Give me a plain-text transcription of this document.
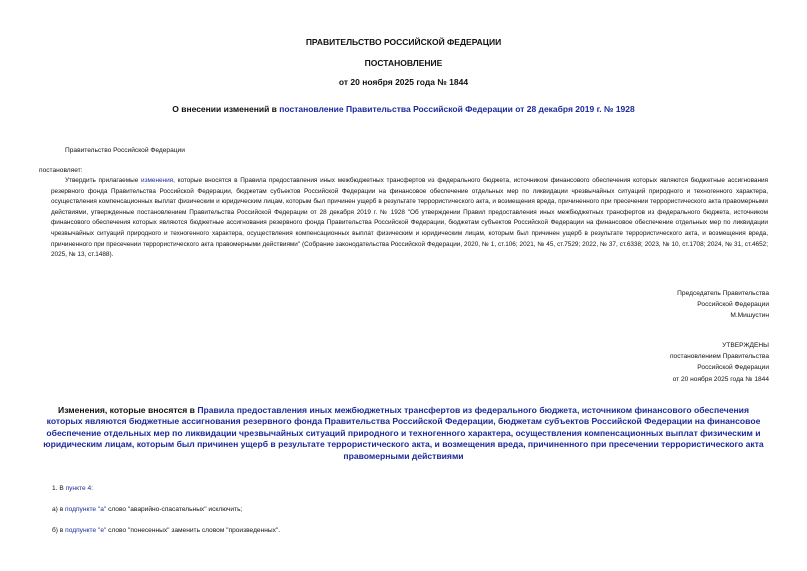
ПРАВИТЕЛЬСТВО РОССИЙСКОЙ ФЕДЕРАЦИИ
ПОСТАНОВЛЕНИЕ
от 20 ноября 2025 года № 1844
О внесении изменений в постановление Правительства Российской Федерации от 28 декабря 2019 г. № 1928
Правительство Российской Федерации
постановляет:
Утвердить прилагаемые изменения, которые вносятся в Правила предоставления иных межбюджетных трансфертов из федерального бюджета, источником финансового обеспечения которых являются бюджетные ассигнования резервного фонда Правительства Российской Федерации, бюджетам субъектов Российской Федерации на финансовое обеспечение отдельных мер по ликвидации чрезвычайных ситуаций природного и техногенного характера, осуществления компенсационных выплат физическим и юридическим лицам, которым был причинен ущерб в результате террористического акта, и возмещения вреда, причиненного при пресечении террористического акта правомерными действиями, утвержденные постановлением Правительства Российской Федерации от 28 декабря 2019 г. № 1928 "Об утверждении Правил предоставления иных межбюджетных трансфертов из федерального бюджета, источником финансового обеспечения которых являются бюджетные ассигнования резервного фонда Правительства Российской Федерации, бюджетам субъектов Российской Федерации на финансовое обеспечение отдельных мер по ликвидации чрезвычайных ситуаций природного и техногенного характера, осуществления компенсационных выплат физическим и юридическим лицам, которым был причинен ущерб в результате террористического акта, и возмещения вреда, причиненного при пресечении террористического акта правомерными действиями" (Собрание законодательства Российской Федерации, 2020, № 1, ст.106; 2021, № 45, ст.7529; 2022, № 37, ст.6338; 2023, № 10, ст.1708; 2024, № 31, ст.4652; 2025, № 13, ст.1488).
Председатель Правительства
Российской Федерации
М.Мишустин
УТВЕРЖДЕНЫ
постановлением Правительства
Российской Федерации
от 20 ноября 2025 года № 1844
Изменения, которые вносятся в Правила предоставления иных межбюджетных трансфертов из федерального бюджета, источником финансового обеспечения которых являются бюджетные ассигнования резервного фонда Правительства Российской Федерации, бюджетам субъектов Российской Федерации на финансовое обеспечение отдельных мер по ликвидации чрезвычайных ситуаций природного и техногенного характера, осуществления компенсационных выплат физическим и юридическим лицам, которым был причинен ущерб в результате террористического акта, и возмещения вреда, причиненного при пресечении террористического акта правомерными действиями
1. В пункте 4:
а) в подпункте "а" слово "аварийно-спасательных" исключить;
б) в подпункте "е" слово "понесенных" заменить словом "произведенных".
